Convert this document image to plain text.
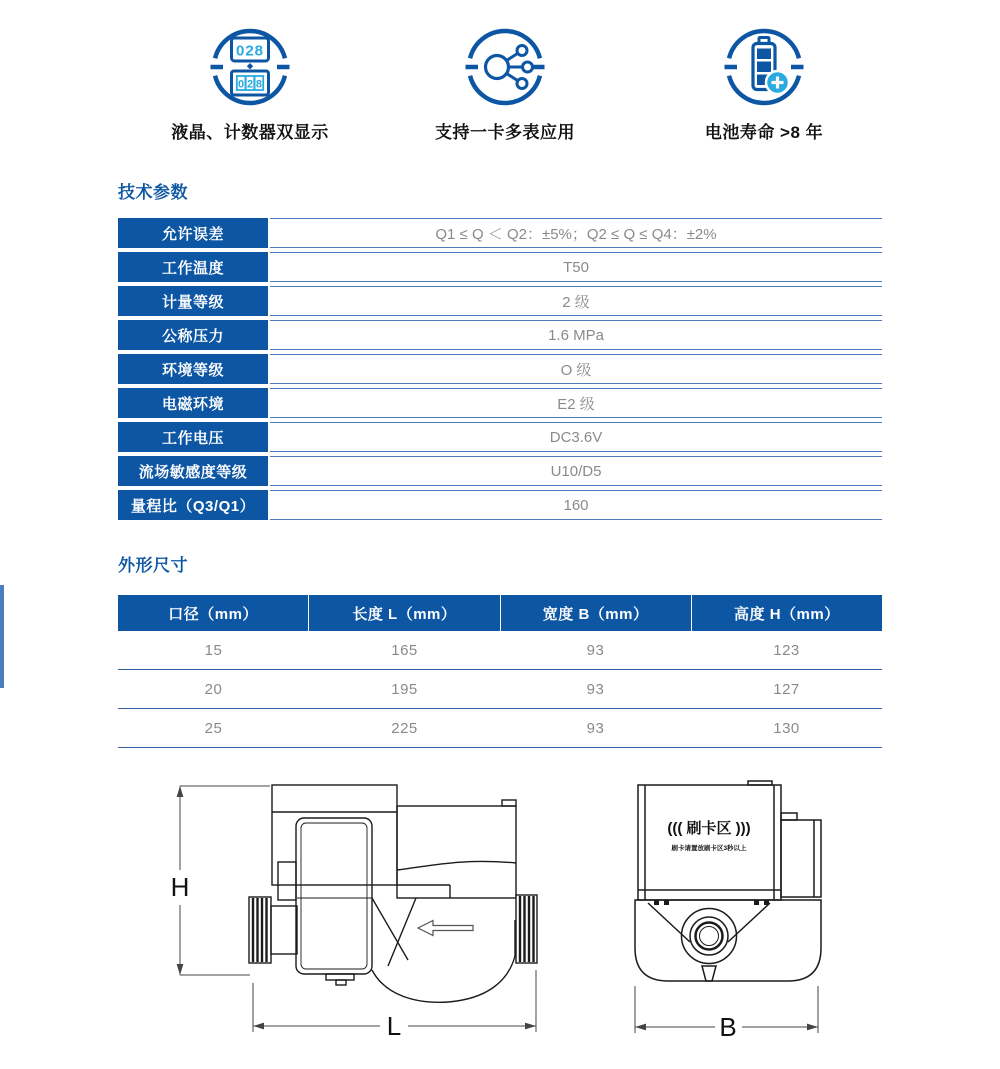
028
0 2 8
液晶、计数器双显示	支持一卡多表应用	电池寿命 >8 年
技术参数
允许误差	Q1 ≤ Q ＜ Q2：±5%；Q2 ≤ Q ≤ Q4：±2%
工作温度	T50
计量等级	2 级
公称压力	1.6 MPa
环境等级	O 级
电磁环境	E2 级
工作电压	DC3.6V
流场敏感度等级	U10/D5
量程比（Q3/Q1）	160
外形尺寸
口径（mm）	长度 L（mm）	宽度 B（mm）	高度 H（mm）
15	165	93	123
20	195	93	127
25	225	93	130
H
L
((( 刷卡区 )))
刷卡请置放刷卡区3秒以上
B
